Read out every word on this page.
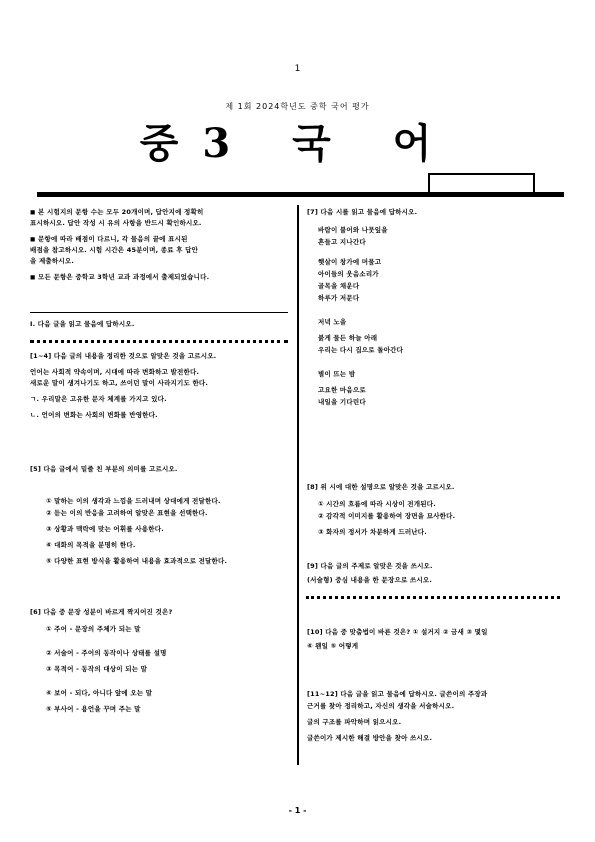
1
제 1회 2024학년도 중학 국어 평가
중3 국 어
◼ 본 시험지의 문항 수는 모두 20개이며, 답안지에 정확히
표시하시오. 답안 작성 시 유의 사항을 반드시 확인하시오.
◼ 문항에 따라 배점이 다르니, 각 물음의 끝에 표시된
배점을 참고하시오. 시험 시간은 45분이며, 종료 후 답안
을 제출하시오.
◼ 모든 문항은 중학교 3학년 교과 과정에서 출제되었습니다.
Ⅰ. 다음 글을 읽고 물음에 답하시오.
[1~4] 다음 글의 내용을 정리한 것으로 알맞은 것을 고르시오.
언어는 사회적 약속이며, 시대에 따라 변화하고 발전한다.
새로운 말이 생겨나기도 하고, 쓰이던 말이 사라지기도 한다.
ㄱ. 우리말은 고유한 문자 체계를 가지고 있다.
ㄴ. 언어의 변화는 사회의 변화를 반영한다.
[5] 다음 글에서 밑줄 친 부분의 의미를 고르시오.
① 말하는 이의 생각과 느낌을 드러내며 상대에게 전달한다.
② 듣는 이의 반응을 고려하여 알맞은 표현을 선택한다.
③ 상황과 맥락에 맞는 어휘를 사용한다.
④ 대화의 목적을 분명히 한다.
⑤ 다양한 표현 방식을 활용하여 내용을 효과적으로 전달한다.
[6] 다음 중 문장 성분이 바르게 짝지어진 것은?
① 주어 - 문장의 주체가 되는 말
② 서술어 - 주어의 동작이나 상태를 설명
③ 목적어 - 동작의 대상이 되는 말
④ 보어 - 되다, 아니다 앞에 오는 말
⑤ 부사어 - 용언을 꾸며 주는 말
[7] 다음 시를 읽고 물음에 답하시오.
바람이 불어와 나뭇잎을
흔들고 지나간다
햇살이 창가에 머물고
아이들의 웃음소리가
골목을 채운다
하루가 저문다
저녁 노을
붉게 물든 하늘 아래
우리는 다시 집으로 돌아간다
별이 뜨는 밤
고요한 마음으로
내일을 기다린다
[8] 위 시에 대한 설명으로 알맞은 것을 고르시오.
① 시간의 흐름에 따라 시상이 전개된다.
② 감각적 이미지를 활용하여 장면을 묘사한다.
③ 화자의 정서가 차분하게 드러난다.
[9] 다음 글의 주제로 알맞은 것을 쓰시오.
(서술형) 중심 내용을 한 문장으로 쓰시오.
[10] 다음 중 맞춤법이 바른 것은? ① 설거지 ② 금새 ③ 몇일
④ 왠일 ⑤ 어떻게
[11~12] 다음 글을 읽고 물음에 답하시오. 글쓴이의 주장과
근거를 찾아 정리하고, 자신의 생각을 서술하시오.
글의 구조를 파악하며 읽으시오.
글쓴이가 제시한 해결 방안을 찾아 쓰시오.
- 1 -
